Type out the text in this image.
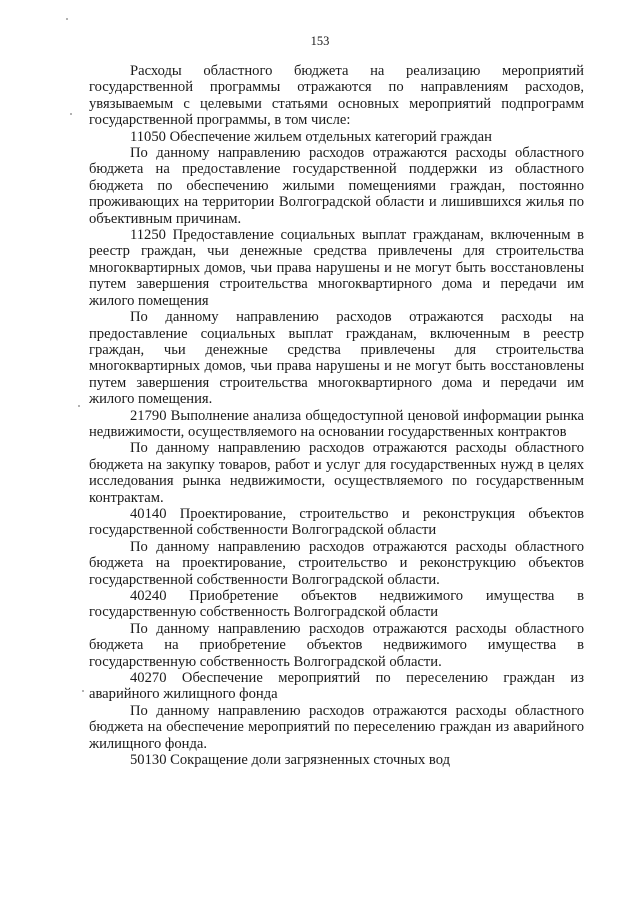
153

Расходы областного бюджета на реализацию мероприятий государственной программы отражаются по направлениям расходов, увязываемым с целевыми статьями основных мероприятий подпрограмм государственной программы, в том числе:

11050 Обеспечение жильем отдельных категорий граждан

По данному направлению расходов отражаются расходы областного бюджета на предоставление государственной поддержки из областного бюджета по обеспечению жилыми помещениями граждан, постоянно проживающих на территории Волгоградской области и лишившихся жилья по объективным причинам.

11250 Предоставление социальных выплат гражданам, включенным в реестр граждан, чьи денежные средства привлечены для строительства многоквартирных домов, чьи права нарушены и не могут быть восстановлены путем завершения строительства многоквартирного дома и передачи им жилого помещения

По данному направлению расходов отражаются расходы на предоставление социальных выплат гражданам, включенным в реестр граждан, чьи денежные средства привлечены для строительства многоквартирных домов, чьи права нарушены и не могут быть восстановлены путем завершения строительства многоквартирного дома и передачи им жилого помещения.

21790 Выполнение анализа общедоступной ценовой информации рынка недвижимости, осуществляемого на основании государственных контрактов

По данному направлению расходов отражаются расходы областного бюджета на закупку товаров, работ и услуг для государственных нужд в целях исследования рынка недвижимости, осуществляемого по государственным контрактам.

40140 Проектирование, строительство и реконструкция объектов государственной собственности Волгоградской области

По данному направлению расходов отражаются расходы областного бюджета на проектирование, строительство и реконструкцию объектов государственной собственности Волгоградской области.

40240 Приобретение объектов недвижимого имущества в государственную собственность Волгоградской области

По данному направлению расходов отражаются расходы областного бюджета на приобретение объектов недвижимого имущества в государственную собственность Волгоградской области.

40270 Обеспечение мероприятий по переселению граждан из аварийного жилищного фонда

По данному направлению расходов отражаются расходы областного бюджета на обеспечение мероприятий по переселению граждан из аварийного жилищного фонда.

50130 Сокращение доли загрязненных сточных вод
